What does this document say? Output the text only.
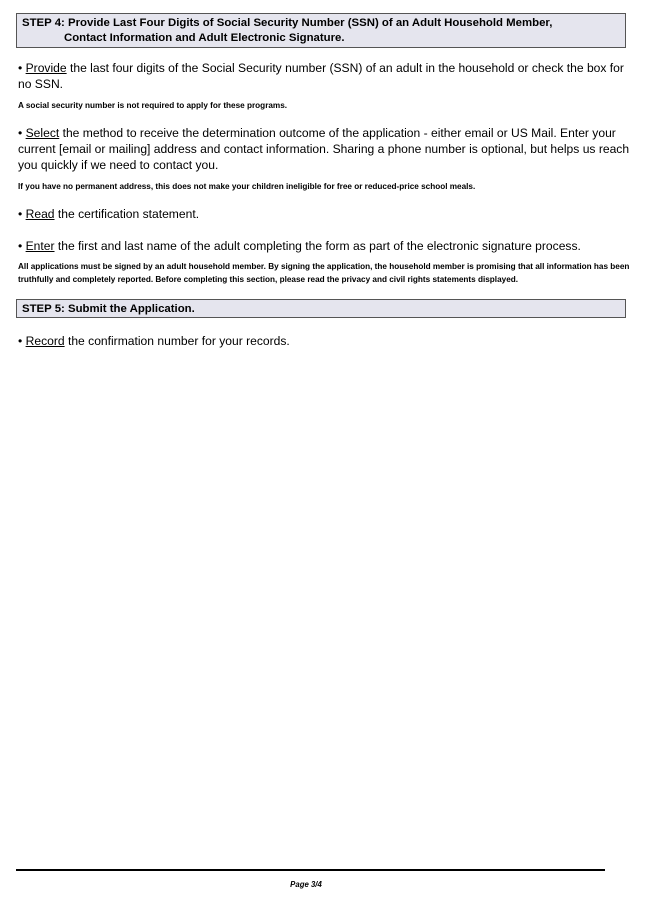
STEP 4: Provide Last Four Digits of Social Security Number (SSN) of an Adult Household Member,
Contact Information and Adult Electronic Signature.
• Provide the last four digits of the Social Security number (SSN) of an adult in the household or check the box for no SSN.
A social security number is not required to apply for these programs.
• Select the method to receive the determination outcome of the application - either email or US Mail. Enter your current [email or mailing] address and contact information. Sharing a phone number is optional, but helps us reach you quickly if we need to contact you.
If you have no permanent address, this does not make your children ineligible for free or reduced-price school meals.
• Read the certification statement.
• Enter the first and last name of the adult completing the form as part of the electronic signature process.
All applications must be signed by an adult household member. By signing the application, the household member is promising that all information has been truthfully and completely reported. Before completing this section, please read the privacy and civil rights statements displayed.
STEP 5: Submit the Application.
• Record the confirmation number for your records.
Page 3/4
